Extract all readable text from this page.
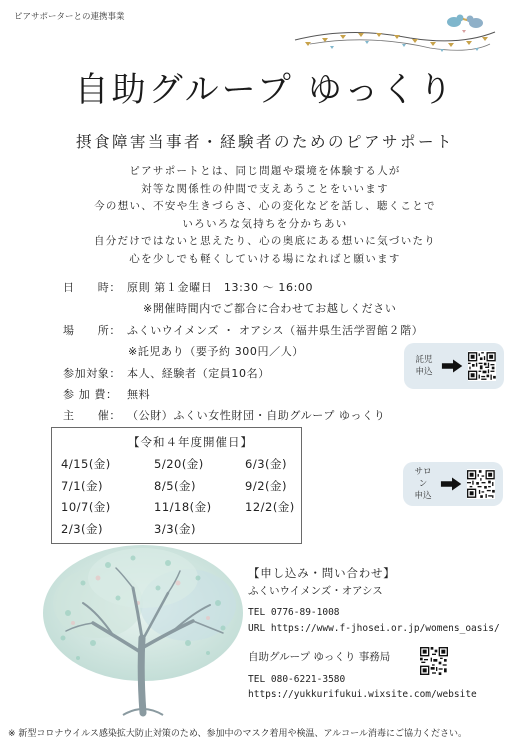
ピアサポーターとの連携事業
自助グループ ゆっくり
摂食障害当事者・経験者のためのピアサポート
ピアサポートとは、同じ問題や環境を体験する人が
対等な関係性の仲間で支えあうことをいいます
今の想い、不安や生きづらさ、心の変化などを話し、聴くことで
いろいろな気持ちを分かちあい
自分だけではないと思えたり、心の奥底にある想いに気づいたり
心を少しでも軽くしていける場になればと願います
日　　時： 原則 第１金曜日　13:30 ～ 16:00
※開催時間内でご都合に合わせてお越しください
場　　所： ふくいウイメンズ ・ オアシス（福井県生活学習館２階）
※託児あり（要予約 300円／人）
参加対象： 本人、経験者（定員10名）
参 加 費： 無料
主　　催： （公財）ふくい女性財団・自助グループ ゆっくり
託児
申込
【令和４年度開催日】
4/15(金)	5/20(金)	6/3(金)
7/1(金)	8/5(金)	9/2(金)
10/7(金)	11/18(金)	12/2(金)
2/3(金)	3/3(金)
サロン
申込
【申し込み・問い合わせ】
ふくいウイメンズ・オアシス
TEL 0776-89-1008
URL https://www.f-jhosei.or.jp/womens_oasis/
自助グループ ゆっくり 事務局
TEL 080-6221-3580
https://yukkurifukui.wixsite.com/website
※ 新型コロナウイルス感染拡大防止対策のため、参加中のマスク着用や検温、アルコール消毒にご協力ください。
